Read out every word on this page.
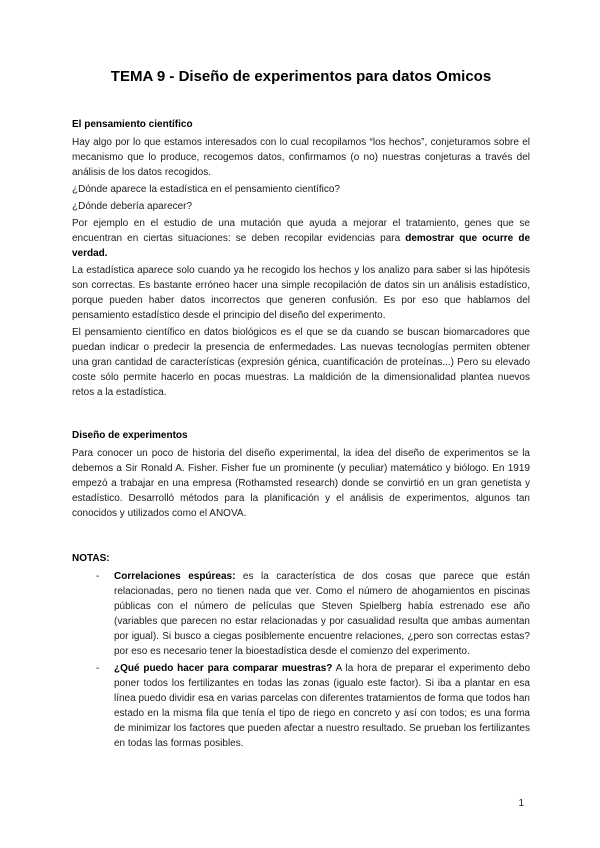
TEMA 9 - Diseño de experimentos para datos Omicos
El pensamiento científico

Hay algo por lo que estamos interesados con lo cual recopilamos “los hechos”, conjeturamos sobre el mecanismo que lo produce, recogemos datos, confirmamos (o no) nuestras conjeturas a través del análisis de los datos recogidos.

¿Dónde aparece la estadística en el pensamiento científico?

¿Dónde debería aparecer?

Por ejemplo en el estudio de una mutación que ayuda a mejorar el tratamiento, genes que se encuentran en ciertas situaciones: se deben recopilar evidencias para demostrar que ocurre de verdad.

La estadística aparece solo cuando ya he recogido los hechos y los analizo para saber si las hipótesis son correctas. Es bastante erróneo hacer una simple recopilación de datos sin un análisis estadístico, porque pueden haber datos incorrectos que generen confusión. Es por eso que hablamos del pensamiento estadístico desde el principio del diseño del experimento.

El pensamiento científico en datos biológicos es el que se da cuando se buscan biomarcadores que puedan indicar o predecir la presencia de enfermedades. Las nuevas tecnologías permiten obtener una gran cantidad de características (expresión génica, cuantificación de proteínas...) Pero su elevado coste sólo permite hacerlo en pocas muestras. La maldición de la dimensionalidad plantea nuevos retos a la estadística.

Diseño de experimentos

Para conocer un poco de historia del diseño experimental, la idea del diseño de experimentos se la debemos a Sir Ronald A. Fisher. Fisher fue un prominente (y peculiar) matemático y biólogo. En 1919 empezó a trabajar en una empresa (Rothamsted research) donde se convirtió en un gran genetista y estadístico. Desarrolló métodos para la planificación y el análisis de experimentos, algunos tan conocidos y utilizados como el ANOVA.

NOTAS:
-	Correlaciones espúreas: es la característica de dos cosas que parece que están relacionadas, pero no tienen nada que ver. Como el número de ahogamientos en piscinas públicas con el número de películas que Steven Spielberg había estrenado ese año (variables que parecen no estar relacionadas y por casualidad resulta que ambas aumentan por igual). Si busco a ciegas posiblemente encuentre relaciones, ¿pero son correctas estas? por eso es necesario tener la bioestadística desde el comienzo del experimento.

-	¿Qué puedo hacer para comparar muestras? A la hora de preparar el experimento debo poner todos los fertilizantes en todas las zonas (igualo este factor). Si iba a plantar en esa línea puedo dividir esa en varias parcelas con diferentes tratamientos de forma que todos han estado en la misma fila que tenía el tipo de riego en concreto y así con todos; es una forma de minimizar los factores que pueden afectar a nuestro resultado. Se prueban los fertilizantes en todas las formas posibles.

1
